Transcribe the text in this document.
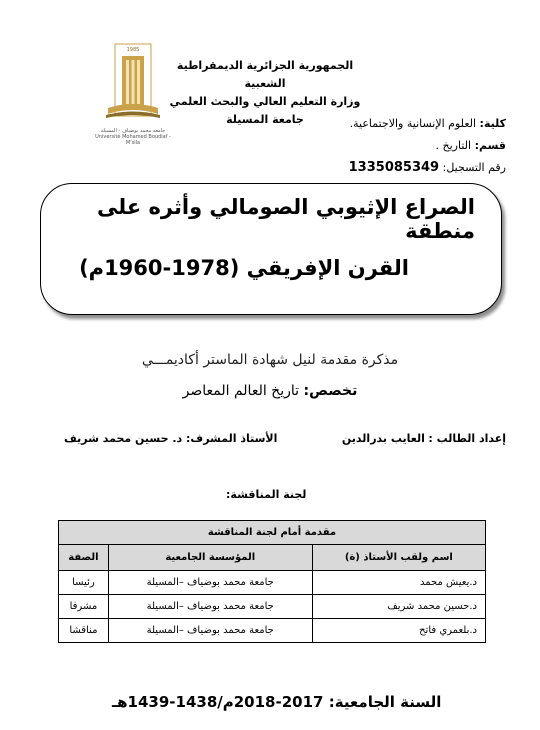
الجمهورية الجزائرية الديمقراطية الشعبية
وزارة التعليم العالي والبحث العلمي
جامعة المسيلة
1985
جامعة محمد بوضياف - المسيلة
Université Mohamed Boudiaf - M'sila
كلية: العلوم الإنسانية والاجتماعية.
قسم: التاريخ .
رقم التسجيل: 1335085349
الصراع الإثيوبي الصومالي وأثره على منطقة
القرن الإفريقي (1978-1960م)
مذكرة مقدمة لنيل شهادة الماستر أكاديمـــي
تخصص: تاريخ العالم المعاصر
إعداد الطالب : العايب بدرالدين
الأستاذ المشرف: د. حسين محمد شريف
لجنة المناقشة:
مقدمة أمام لجنة المناقشة		
اسم ولقب الأستاذ (ة)	المؤسسة الجامعية	الصفة
د.يعيش محمد	جامعة محمد بوضياف –المسيلة	رئيسا
د.حسين محمد شريف	جامعة محمد بوضياف –المسيلة	مشرفا
د.بلعمري فاتح	جامعة محمد بوضياف –المسيلة	مناقشا
السنة الجامعية: 2017-2018م/1438-1439هـ
